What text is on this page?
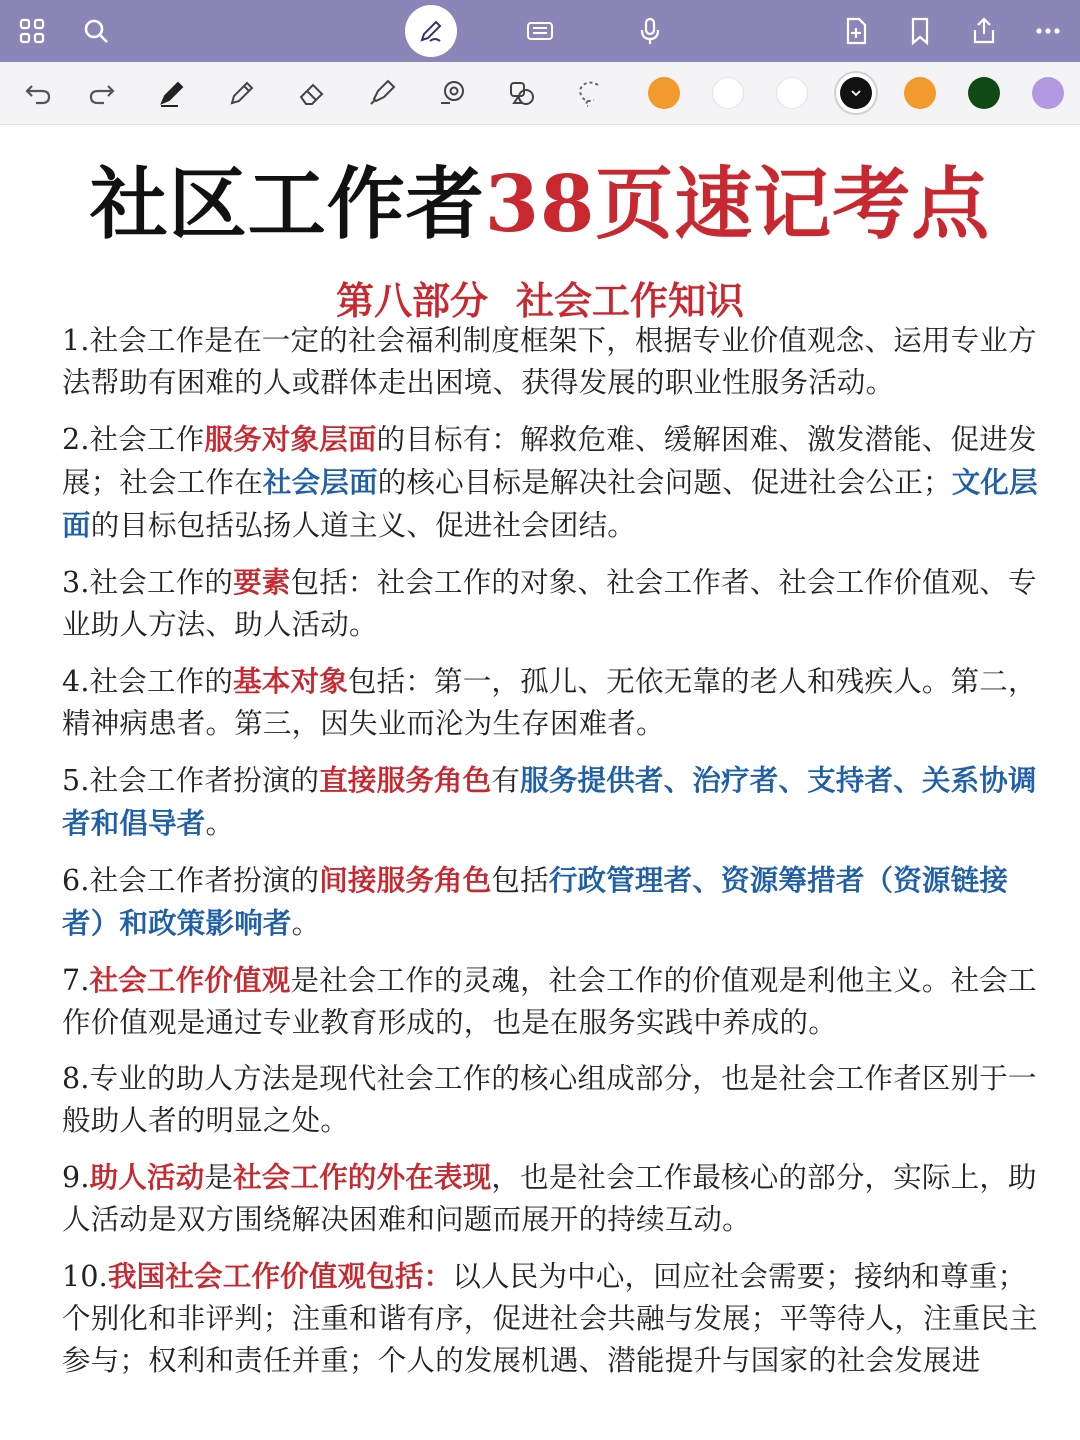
社区工作者38页速记考点
第八部分 社会工作知识

1.社会工作是在一定的社会福利制度框架下，根据专业价值观念、运用专业方法帮助有困难的人或群体走出困境、获得发展的职业性服务活动。

2.社会工作服务对象层面的目标有：解救危难、缓解困难、激发潜能、促进发展；社会工作在社会层面的核心目标是解决社会问题、促进社会公正；文化层面的目标包括弘扬人道主义、促进社会团结。

3.社会工作的要素包括：社会工作的对象、社会工作者、社会工作价值观、专业助人方法、助人活动。

4.社会工作的基本对象包括：第一，孤儿、无依无靠的老人和残疾人。第二，精神病患者。第三，因失业而沦为生存困难者。

5.社会工作者扮演的直接服务角色有服务提供者、治疗者、支持者、关系协调者和倡导者。

6.社会工作者扮演的间接服务角色包括行政管理者、资源筹措者（资源链接者）和政策影响者。

7.社会工作价值观是社会工作的灵魂，社会工作的价值观是利他主义。社会工作价值观是通过专业教育形成的，也是在服务实践中养成的。

8.专业的助人方法是现代社会工作的核心组成部分，也是社会工作者区别于一般助人者的明显之处。

9.助人活动是社会工作的外在表现，也是社会工作最核心的部分，实际上，助人活动是双方围绕解决困难和问题而展开的持续互动。

10.我国社会工作价值观包括：以人民为中心，回应社会需要；接纳和尊重；个别化和非评判；注重和谐有序，促进社会共融与发展；平等待人，注重民主参与；权利和责任并重；个人的发展机遇、潜能提升与国家的社会发展进
